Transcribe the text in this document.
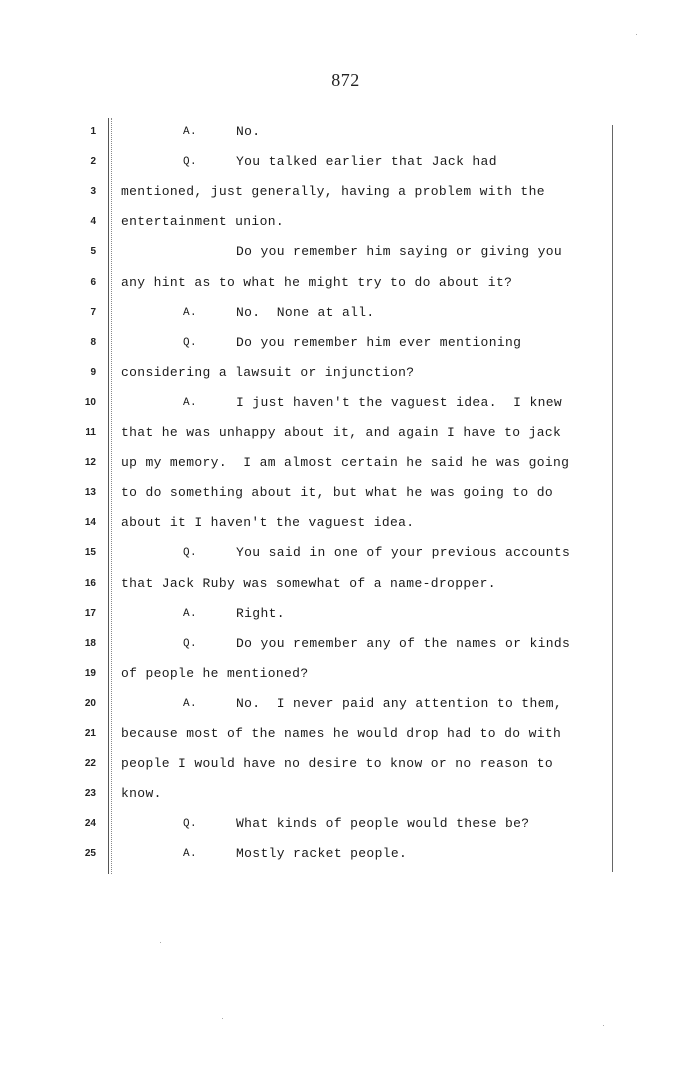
872
1	A.	No.
2	Q.	You talked earlier that Jack had
3 mentioned, just generally, having a problem with the
4 entertainment union.
5	Do you remember him saying or giving you
6 any hint as to what he might try to do about it?
7	A.	No.  None at all.
8	Q.	Do you remember him ever mentioning
9 considering a lawsuit or injunction?
10	A.	I just haven't the vaguest idea.  I knew
11 that he was unhappy about it, and again I have to jack
12 up my memory.  I am almost certain he said he was going
13 to do something about it, but what he was going to do
14 about it I haven't the vaguest idea.
15	Q.	You said in one of your previous accounts
16 that Jack Ruby was somewhat of a name-dropper.
17	A.	Right.
18	Q.	Do you remember any of the names or kinds
19 of people he mentioned?
20	A.	No.  I never paid any attention to them,
21 because most of the names he would drop had to do with
22 people I would have no desire to know or no reason to
23 know.
24	Q.	What kinds of people would these be?
25	A.	Mostly racket people.
